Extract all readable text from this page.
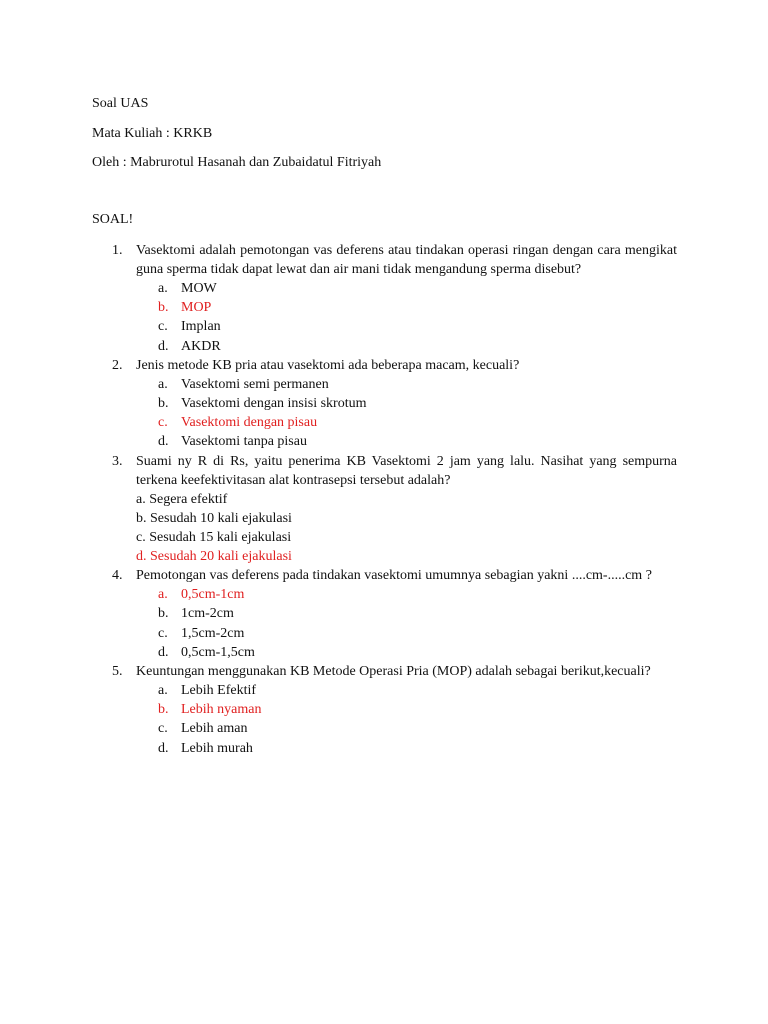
Soal UAS
Mata Kuliah : KRKB
Oleh : Mabrurotul Hasanah dan Zubaidatul Fitriyah
SOAL!
1. Vasektomi adalah pemotongan vas deferens atau tindakan operasi ringan dengan cara mengikat guna sperma tidak dapat lewat dan air mani tidak mengandung sperma disebut?
a. MOW
b. MOP
c. Implan
d. AKDR
2. Jenis metode KB pria atau vasektomi ada beberapa macam, kecuali?
a. Vasektomi semi permanen
b. Vasektomi dengan insisi skrotum
c. Vasektomi dengan pisau
d. Vasektomi tanpa pisau
3. Suami ny R di Rs, yaitu penerima KB Vasektomi 2 jam yang lalu. Nasihat yang sempurna terkena keefektivitasan alat kontrasepsi tersebut adalah?
a. Segera efektif
b. Sesudah 10 kali ejakulasi
c. Sesudah 15 kali ejakulasi
d. Sesudah 20 kali ejakulasi
4. Pemotongan vas deferens pada tindakan vasektomi umumnya sebagian yakni ....cm-.....cm ?
a. 0,5cm-1cm
b. 1cm-2cm
c. 1,5cm-2cm
d. 0,5cm-1,5cm
5. Keuntungan menggunakan KB Metode Operasi Pria (MOP) adalah sebagai berikut,kecuali?
a. Lebih Efektif
b. Lebih nyaman
c. Lebih aman
d. Lebih murah
